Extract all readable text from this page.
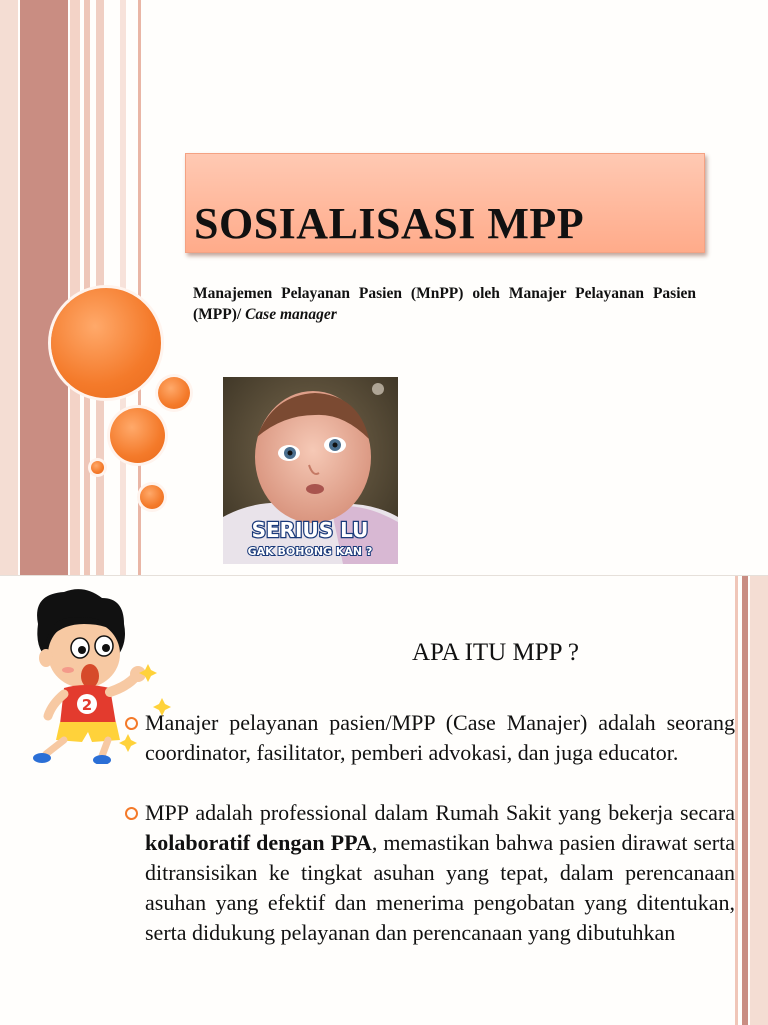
SOSIALISASI MPP
Manajemen Pelayanan Pasien (MnPP) oleh Manajer Pelayanan Pasien (MPP)/ Case manager
SERIUS LU
GAK BOHONG KAN ?
2
APA ITU MPP ?
Manajer pelayanan pasien/MPP (Case Manajer) adalah seorang coordinator, fasilitator, pemberi advokasi, dan juga educator.
MPP adalah professional dalam Rumah Sakit yang bekerja secara kolaboratif dengan PPA, memastikan bahwa pasien dirawat serta ditransisikan ke tingkat asuhan yang tepat, dalam perencanaan asuhan yang efektif dan menerima pengobatan yang ditentukan, serta didukung pelayanan dan perencanaan yang dibutuhkan
